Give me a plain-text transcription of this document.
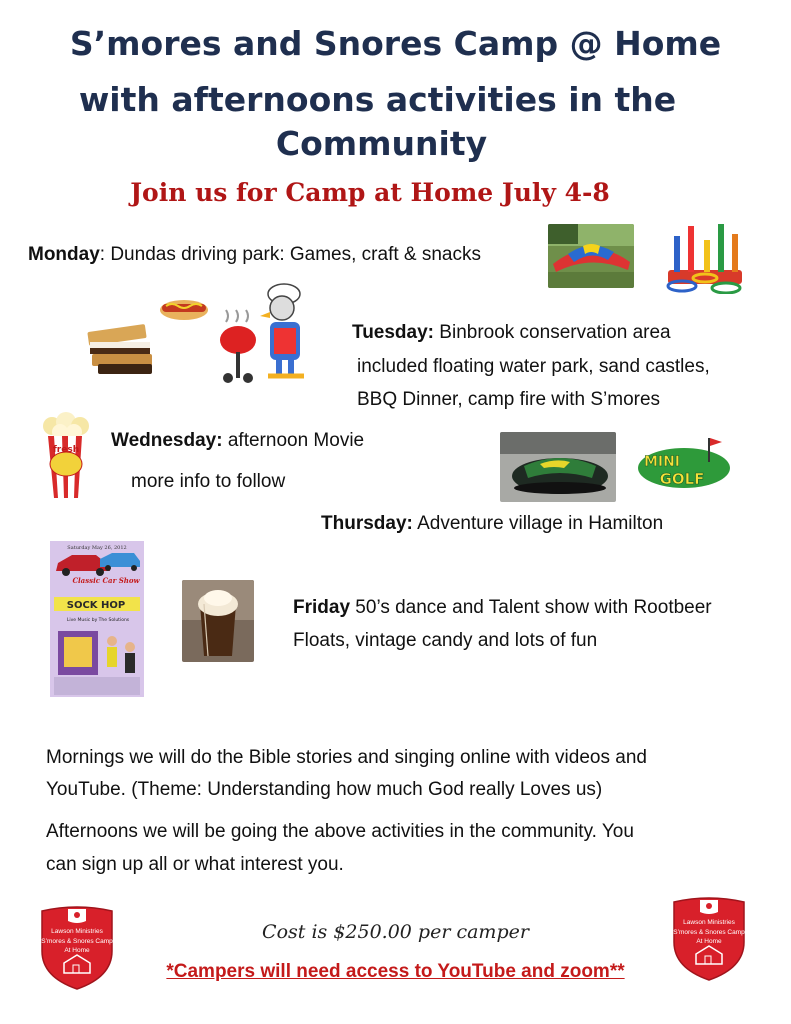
S’mores and Snores Camp @ Home
with afternoons activities in the
Community
Join us for Camp at Home July 4-8
Monday: Dundas driving park: Games, craft & snacks
Tuesday: Binbrook conservation area
included floating water park, sand castles,
BBQ Dinner, camp fire with S’mores
fresh Wednesday: afternoon Movie
more info to follow
MINI
GOLF
Thursday: Adventure village in Hamilton
Saturday May 26, 2012
Classic Car Show
SOCK HOP
Live Music by The Solutions
Friday 50’s dance and Talent show with Rootbeer
Floats, vintage candy and lots of fun
Mornings we will do the Bible stories and singing online with videos and
YouTube. (Theme: Understanding how much God really Loves us)
Afternoons we will be going the above activities in the community. You
can sign up all or what interest you.
Lawson Ministries
S’mores & Snores Camp
At Home
Lawson Ministries
S’mores & Snores Camp
At Home
Cost is $250.00 per camper
*Campers will need access to YouTube and zoom**
